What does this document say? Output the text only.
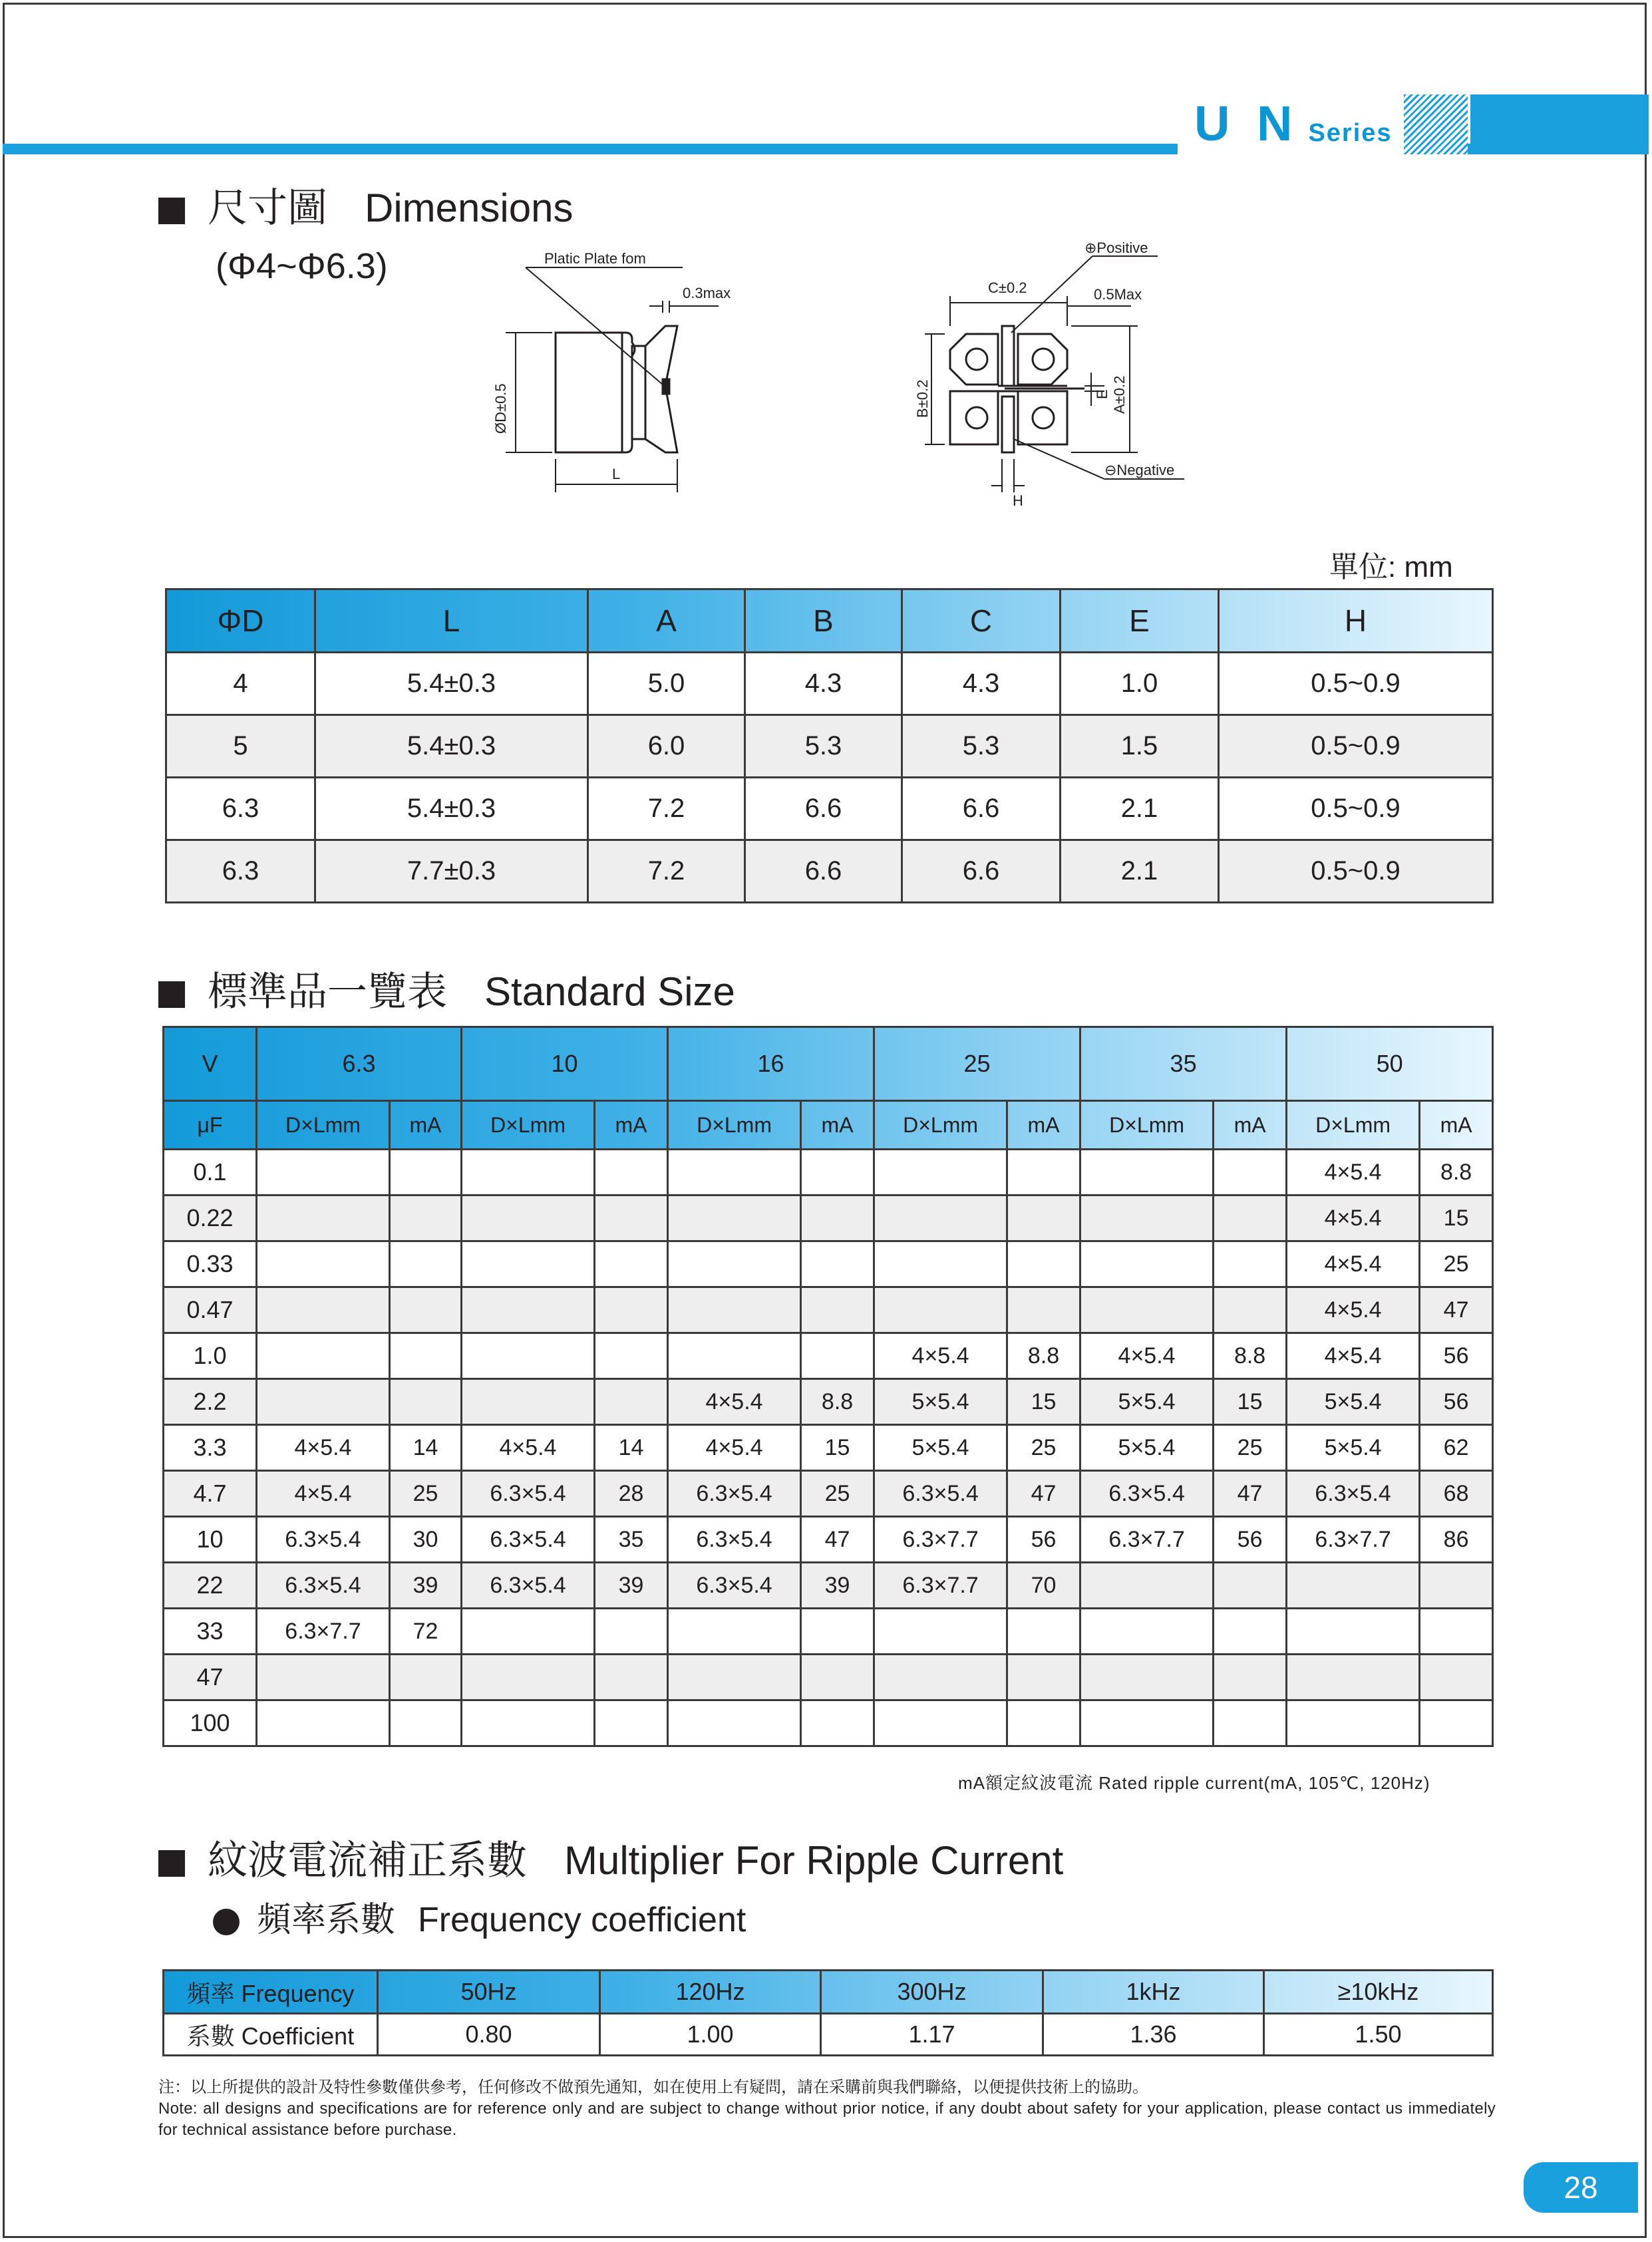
U N Series
尺寸圖 Dimensions
(Φ4~Φ6.3)	Platic Plate fom
0.3max
ØD±0.5
L
⊕Positive
C±0.2	0.5Max
B±0.2	E A±0.2
⊖Negative
H
單位: mm
ΦD	L	A	B	C	E	H
4	5.4±0.3	5.0	4.3	4.3	1.0	0.5~0.9
5	5.4±0.3	6.0	5.3	5.3	1.5	0.5~0.9
6.3	5.4±0.3	7.2	6.6	6.6	2.1	0.5~0.9
6.3	7.7±0.3	7.2	6.6	6.6	2.1	0.5~0.9
標準品一覽表 Standard Size
V	6.3		10		16		25		35		50	
μF	D×Lmm	mA	D×Lmm	mA	D×Lmm	mA	D×Lmm	mA	D×Lmm	mA	D×Lmm	mA
0.1											4×5.4	8.8
0.22											4×5.4	15
0.33											4×5.4	25
0.47											4×5.4	47
1.0							4×5.4	8.8	4×5.4	8.8	4×5.4	56
2.2					4×5.4	8.8	5×5.4	15	5×5.4	15	5×5.4	56
3.3	4×5.4	14	4×5.4	14	4×5.4	15	5×5.4	25	5×5.4	25	5×5.4	62
4.7	4×5.4	25	6.3×5.4	28	6.3×5.4	25	6.3×5.4	47	6.3×5.4	47	6.3×5.4	68
10	6.3×5.4	30	6.3×5.4	35	6.3×5.4	47	6.3×7.7	56	6.3×7.7	56	6.3×7.7	86
22	6.3×5.4	39	6.3×5.4	39	6.3×5.4	39	6.3×7.7	70				
33	6.3×7.7	72										
47												
100												
mA額定紋波電流 Rated ripple current(mA, 105℃, 120Hz)
紋波電流補正系數 Multiplier For Ripple Current
頻率系數 Frequency coefficient
頻率 Frequency	50Hz	120Hz	300Hz	1kHz	≥10kHz
系數 Coefficient	0.80	1.00	1.17	1.36	1.50
注：以上所提供的設計及特性參數僅供參考，任何修改不做預先通知，如在使用上有疑問，請在采購前與我們聯絡，以便提供技術上的協助。
Note: all designs and specifications are for reference only and are subject to change without prior notice, if any doubt about safety for your application, please contact us immediately for technical assistance before purchase.
28
